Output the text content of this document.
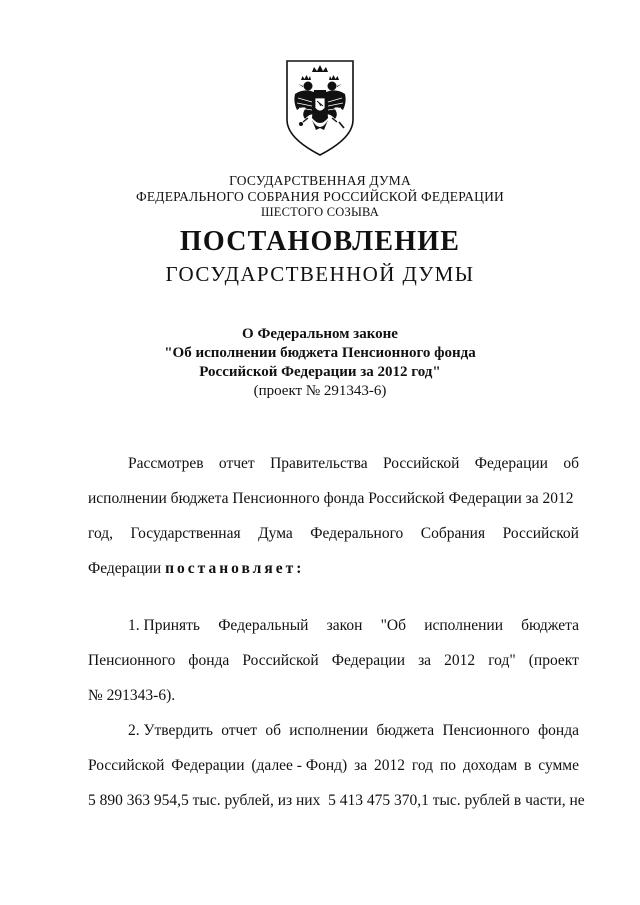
ГОСУДАРСТВЕННАЯ ДУМА
ФЕДЕРАЛЬНОГО СОБРАНИЯ РОССИЙСКОЙ ФЕДЕРАЦИИ
ШЕСТОГО СОЗЫВА
ПОСТАНОВЛЕНИЕ
ГОСУДАРСТВЕННОЙ ДУМЫ
О Федеральном законе
"Об исполнении бюджета Пенсионного фонда
Российской Федерации за 2012 год"
(проект № 291343-6)
Рассмотрев отчет Правительства Российской Федерации об
исполнении бюджета Пенсионного фонда Российской Федерации за 2012
год, Государственная Дума Федерального Собрания Российской
Федерации постановляет:
1. Принять Федеральный закон "Об исполнении бюджета
Пенсионного фонда Российской Федерации за 2012 год" (проект
№ 291343-6).
2. Утвердить отчет об исполнении бюджета Пенсионного фонда
Российской Федерации (далее - Фонд) за 2012 год по доходам в сумме
5 890 363 954,5 тыс. рублей, из них  5 413 475 370,1 тыс. рублей в части, не
